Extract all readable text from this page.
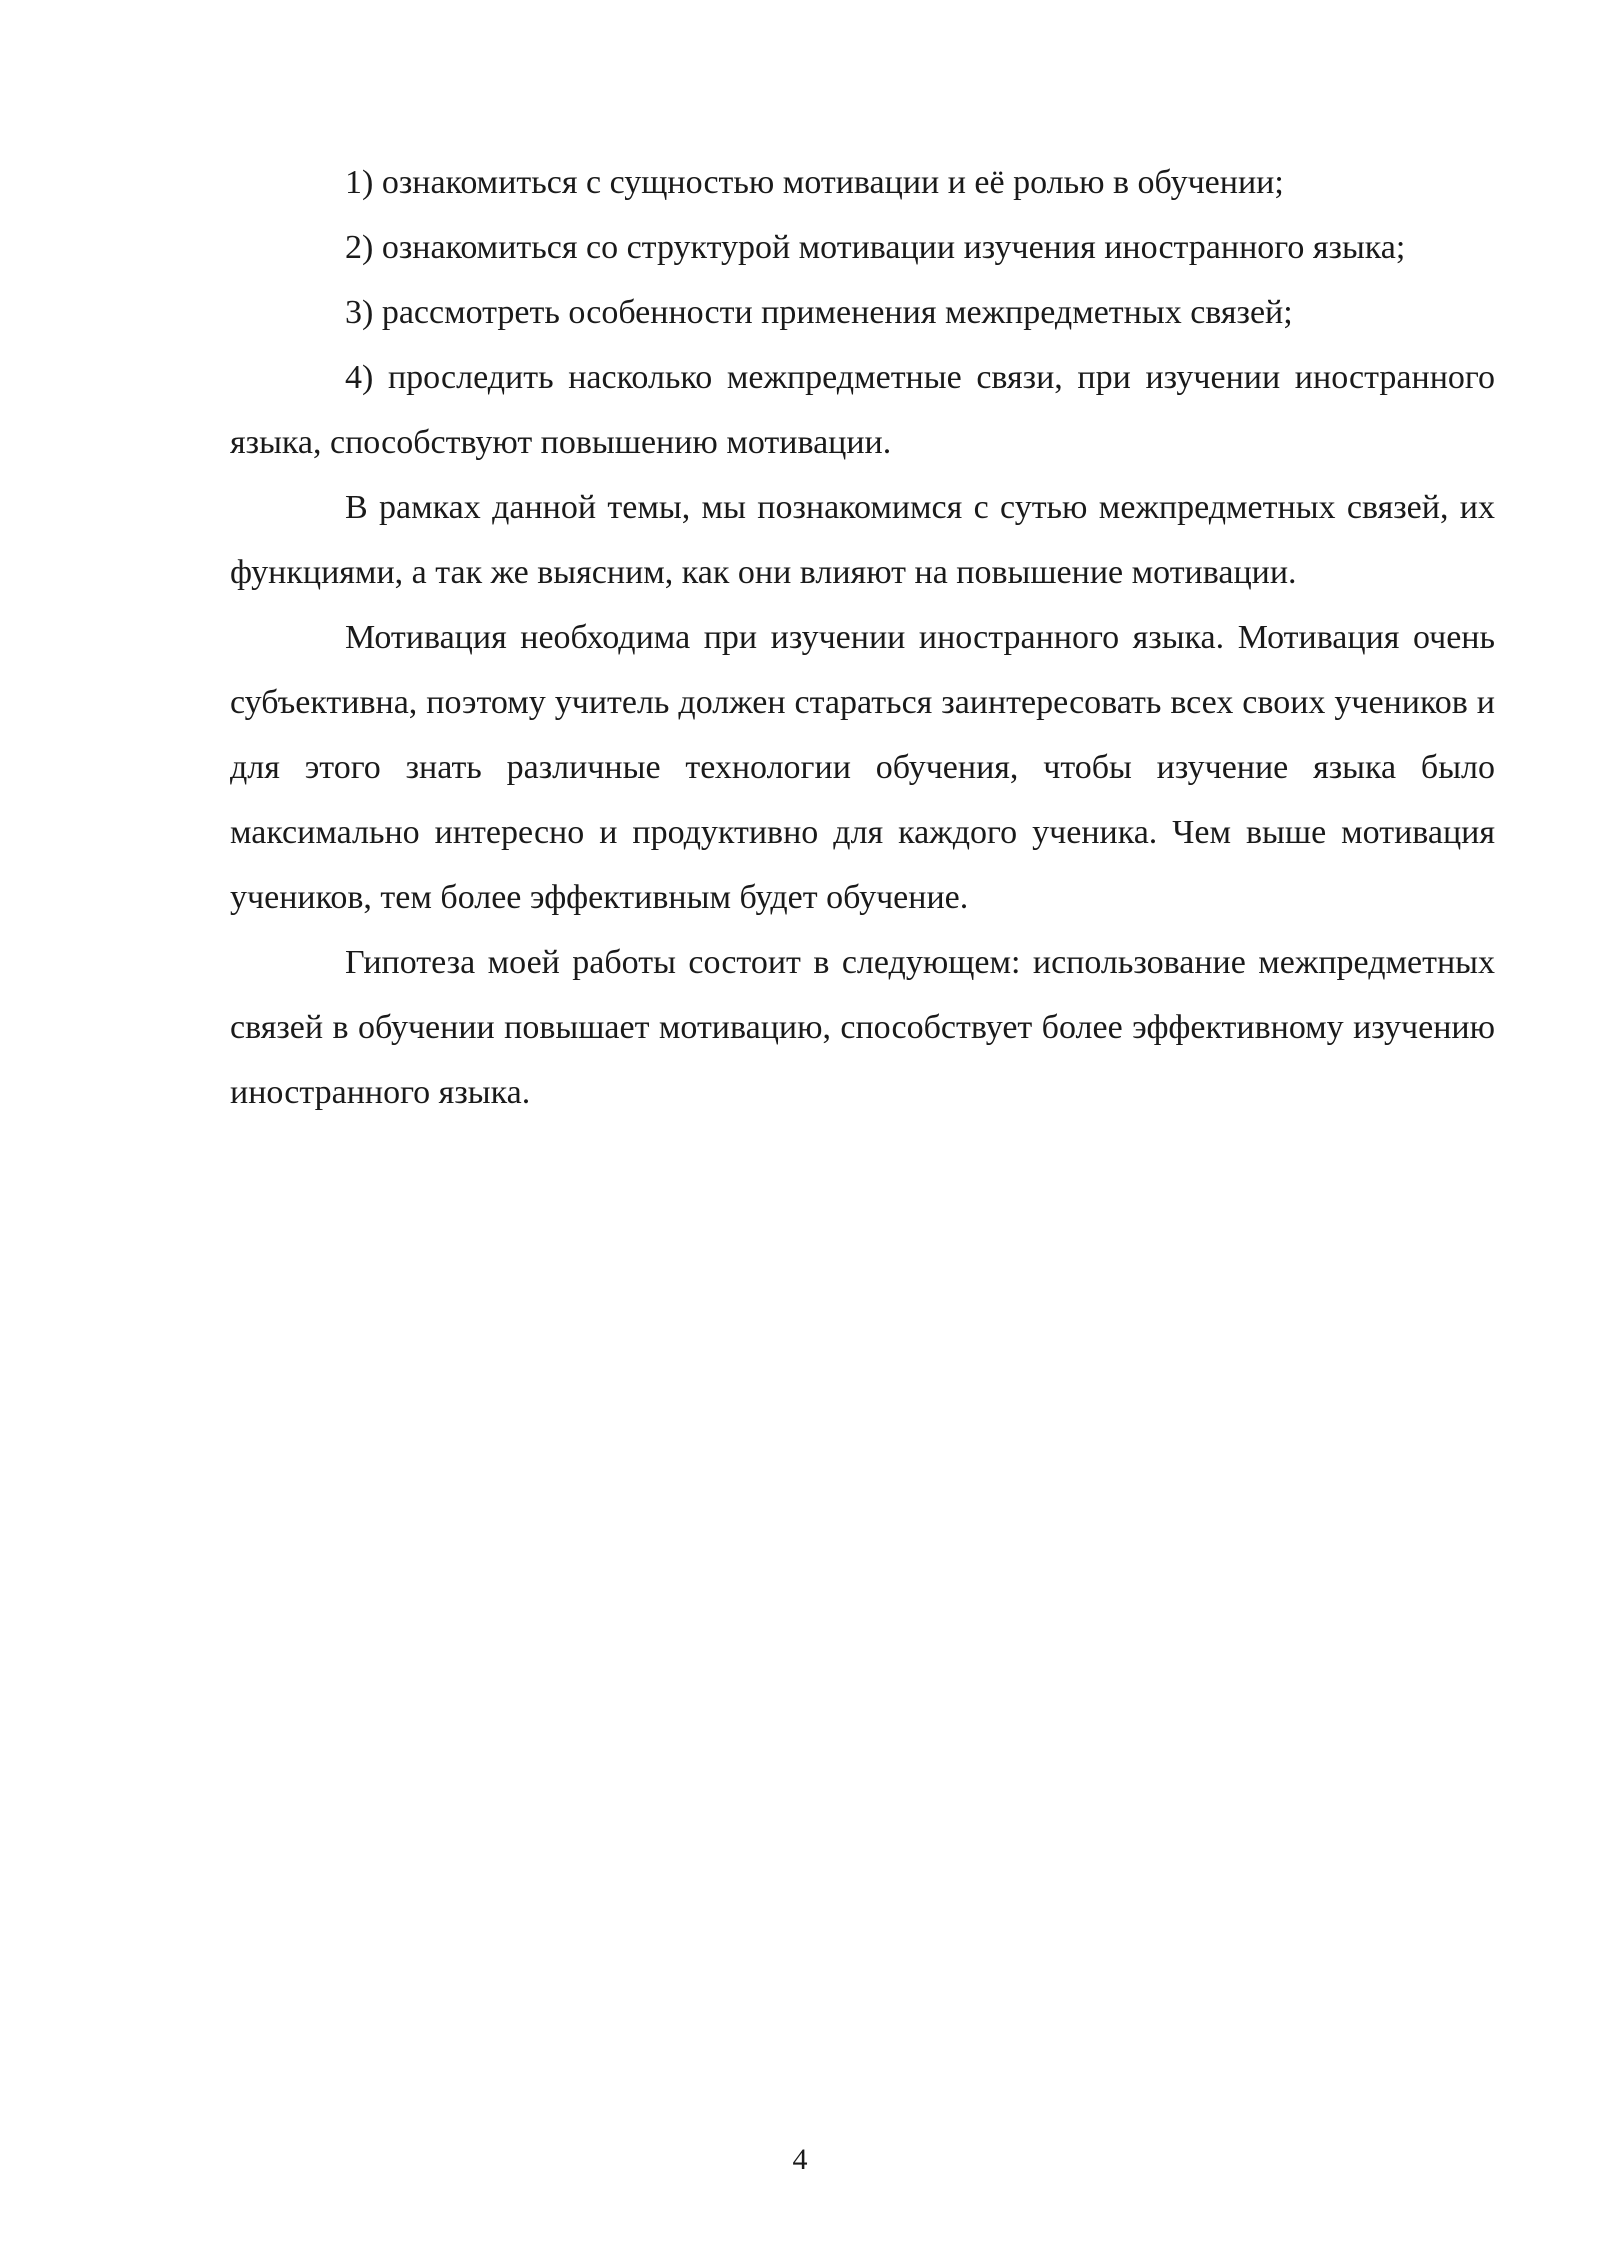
1) ознакомиться с сущностью мотивации и её ролью в обучении;

2) ознакомиться со структурой мотивации изучения иностранного языка;

3) рассмотреть особенности применения межпредметных связей;

4) проследить насколько межпредметные связи, при изучении иностранного языка, способствуют повышению мотивации.

В рамках данной темы, мы познакомимся с сутью межпредметных связей, их функциями, а так же выясним, как они влияют на повышение мотивации.

Мотивация необходима при изучении иностранного языка. Мотивация очень субъективна, поэтому учитель должен стараться заинтересовать всех своих учеников и для этого знать различные технологии обучения, чтобы изучение языка было максимально интересно и продуктивно для каждого ученика. Чем выше мотивация учеников, тем более эффективным будет обучение.

Гипотеза моей работы состоит в следующем: использование межпредметных связей в обучении повышает мотивацию, способствует более эффективному изучению иностранного языка.

4
